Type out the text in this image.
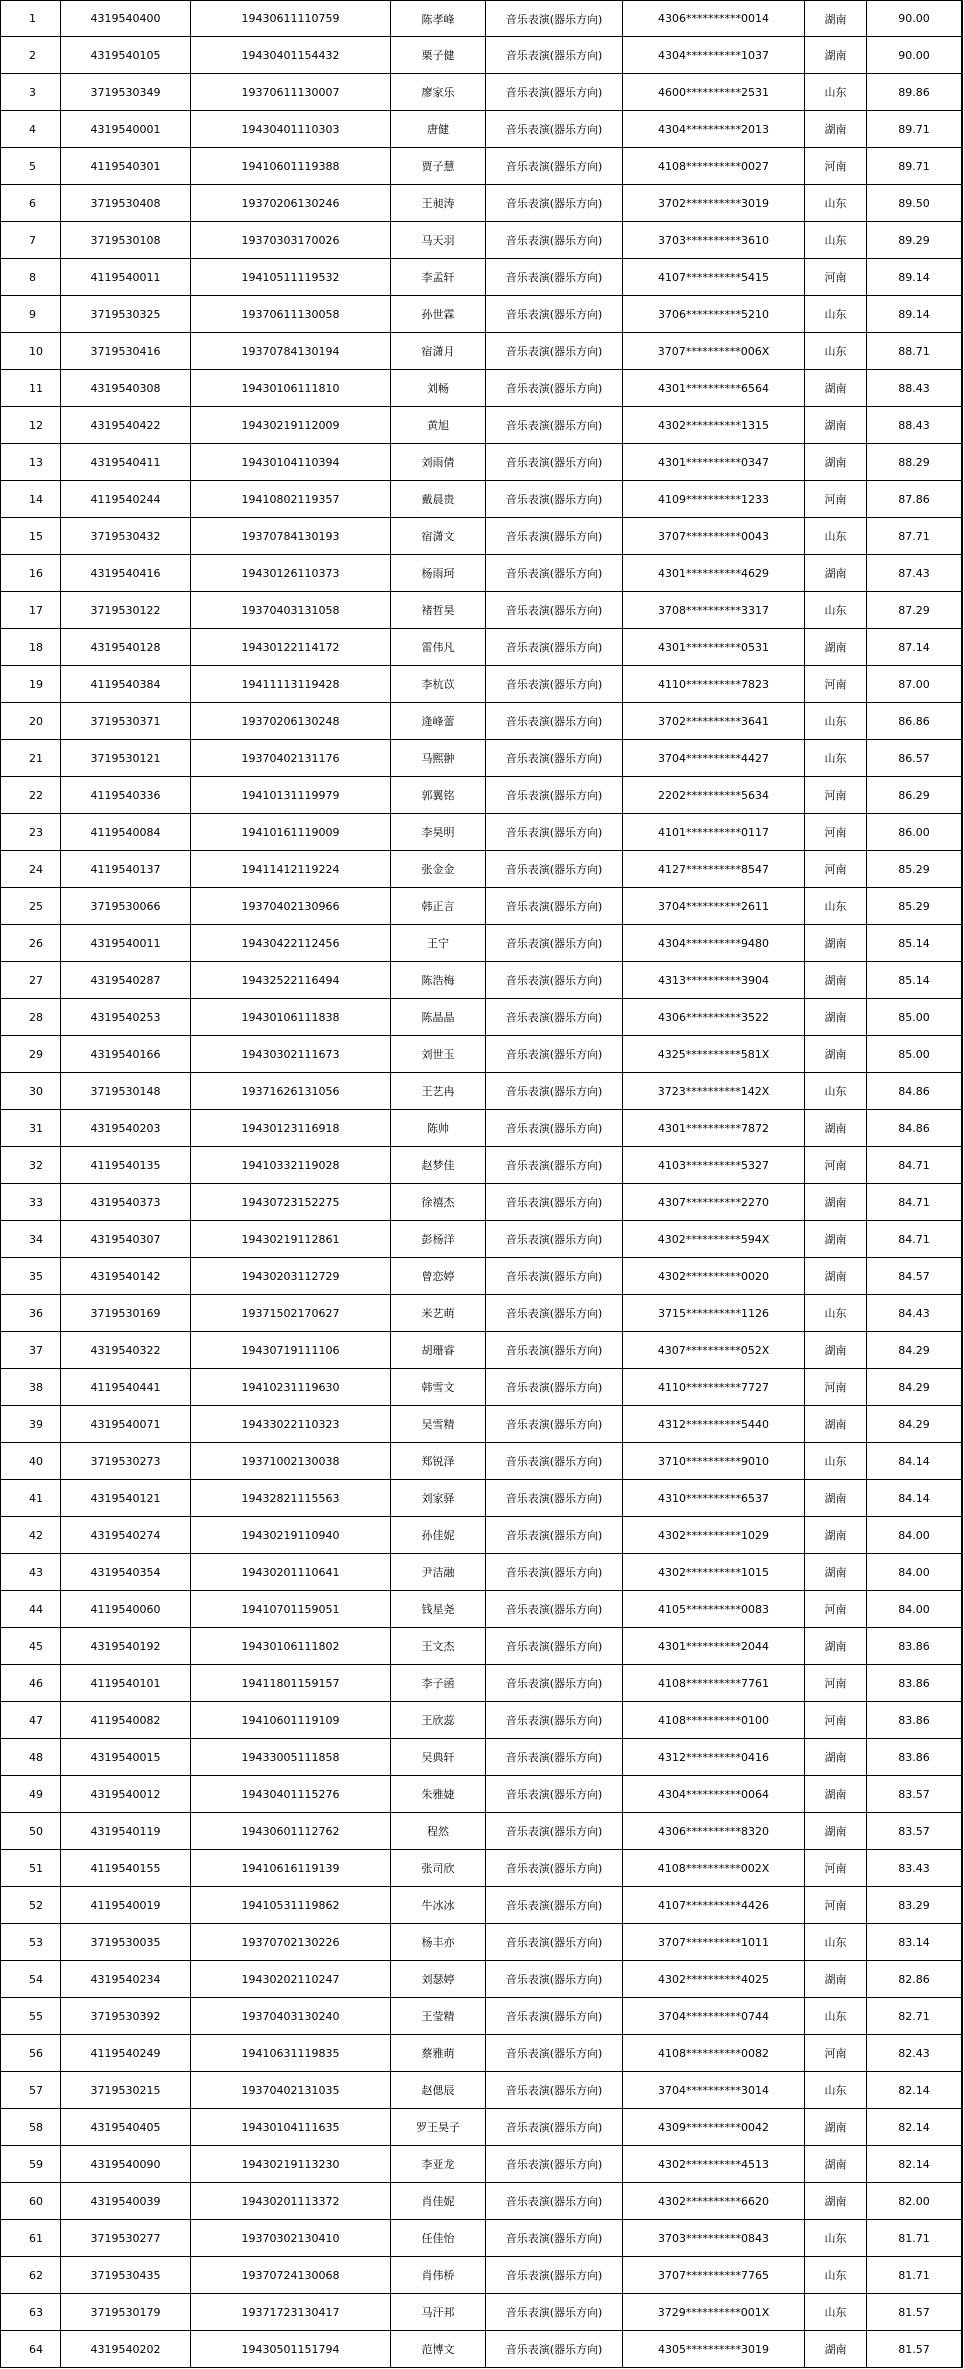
1	4319540400	19430611110759	陈孝峰	音乐表演(器乐方向)	4306**********0014	湖南	90.00	
2	4319540105	19430401154432	栗子健	音乐表演(器乐方向)	4304**********1037	湖南	90.00	
3	3719530349	19370611130007	廖家乐	音乐表演(器乐方向)	4600**********2531	山东	89.86	
4	4319540001	19430401110303	唐健	音乐表演(器乐方向)	4304**********2013	湖南	89.71	
5	4119540301	19410601119388	贾子慧	音乐表演(器乐方向)	4108**********0027	河南	89.71	
6	3719530408	19370206130246	王昶涛	音乐表演(器乐方向)	3702**********3019	山东	89.50	
7	3719530108	19370303170026	马天羽	音乐表演(器乐方向)	3703**********3610	山东	89.29	
8	4119540011	19410511119532	李孟轩	音乐表演(器乐方向)	4107**********5415	河南	89.14	
9	3719530325	19370611130058	孙世霖	音乐表演(器乐方向)	3706**********5210	山东	89.14	
10	3719530416	19370784130194	宿潇月	音乐表演(器乐方向)	3707**********006X	山东	88.71	
11	4319540308	19430106111810	刘畅	音乐表演(器乐方向)	4301**********6564	湖南	88.43	
12	4319540422	19430219112009	黄旭	音乐表演(器乐方向)	4302**********1315	湖南	88.43	
13	4319540411	19430104110394	刘雨倩	音乐表演(器乐方向)	4301**********0347	湖南	88.29	
14	4119540244	19410802119357	戴晨贵	音乐表演(器乐方向)	4109**********1233	河南	87.86	
15	3719530432	19370784130193	宿潇文	音乐表演(器乐方向)	3707**********0043	山东	87.71	
16	4319540416	19430126110373	杨雨珂	音乐表演(器乐方向)	4301**********4629	湖南	87.43	
17	3719530122	19370403131058	褚哲昊	音乐表演(器乐方向)	3708**********3317	山东	87.29	
18	4319540128	19430122114172	雷伟凡	音乐表演(器乐方向)	4301**********0531	湖南	87.14	
19	4119540384	19411113119428	李杭苡	音乐表演(器乐方向)	4110**********7823	河南	87.00	
20	3719530371	19370206130248	逄峰蕾	音乐表演(器乐方向)	3702**********3641	山东	86.86	
21	3719530121	19370402131176	马熙翀	音乐表演(器乐方向)	3704**********4427	山东	86.57	
22	4119540336	19410131119979	郭翼铭	音乐表演(器乐方向)	2202**********5634	河南	86.29	
23	4119540084	19410161119009	李昊明	音乐表演(器乐方向)	4101**********0117	河南	86.00	
24	4119540137	19411412119224	张金金	音乐表演(器乐方向)	4127**********8547	河南	85.29	
25	3719530066	19370402130966	韩正言	音乐表演(器乐方向)	3704**********2611	山东	85.29	
26	4319540011	19430422112456	王宁	音乐表演(器乐方向)	4304**********9480	湖南	85.14	
27	4319540287	19432522116494	陈浩梅	音乐表演(器乐方向)	4313**********3904	湖南	85.14	
28	4319540253	19430106111838	陈晶晶	音乐表演(器乐方向)	4306**********3522	湖南	85.00	
29	4319540166	19430302111673	刘世玉	音乐表演(器乐方向)	4325**********581X	湖南	85.00	
30	3719530148	19371626131056	王艺冉	音乐表演(器乐方向)	3723**********142X	山东	84.86	
31	4319540203	19430123116918	陈帅	音乐表演(器乐方向)	4301**********7872	湖南	84.86	
32	4119540135	19410332119028	赵梦佳	音乐表演(器乐方向)	4103**********5327	河南	84.71	
33	4319540373	19430723152275	徐禧杰	音乐表演(器乐方向)	4307**********2270	湖南	84.71	
34	4319540307	19430219112861	彭杨洋	音乐表演(器乐方向)	4302**********594X	湖南	84.71	
35	4319540142	19430203112729	曾恋婷	音乐表演(器乐方向)	4302**********0020	湖南	84.57	
36	3719530169	19371502170627	米艺萌	音乐表演(器乐方向)	3715**********1126	山东	84.43	
37	4319540322	19430719111106	胡珊睿	音乐表演(器乐方向)	4307**********052X	湖南	84.29	
38	4119540441	19410231119630	韩雪文	音乐表演(器乐方向)	4110**********7727	河南	84.29	
39	4319540071	19433022110323	吴雪精	音乐表演(器乐方向)	4312**********5440	湖南	84.29	
40	3719530273	19371002130038	郑锐泽	音乐表演(器乐方向)	3710**********9010	山东	84.14	
41	4319540121	19432821115563	刘家驿	音乐表演(器乐方向)	4310**********6537	湖南	84.14	
42	4319540274	19430219110940	孙佳妮	音乐表演(器乐方向)	4302**********1029	湖南	84.00	
43	4319540354	19430201110641	尹洁融	音乐表演(器乐方向)	4302**********1015	湖南	84.00	
44	4119540060	19410701159051	钱星尧	音乐表演(器乐方向)	4105**********0083	河南	84.00	
45	4319540192	19430106111802	王文杰	音乐表演(器乐方向)	4301**********2044	湖南	83.86	
46	4119540101	19411801159157	李子函	音乐表演(器乐方向)	4108**********7761	河南	83.86	
47	4119540082	19410601119109	王欣蕊	音乐表演(器乐方向)	4108**********0100	河南	83.86	
48	4319540015	19433005111858	吴典轩	音乐表演(器乐方向)	4312**********0416	湖南	83.86	
49	4319540012	19430401115276	朱雅婕	音乐表演(器乐方向)	4304**********0064	湖南	83.57	
50	4319540119	19430601112762	程然	音乐表演(器乐方向)	4306**********8320	湖南	83.57	
51	4119540155	19410616119139	张司欣	音乐表演(器乐方向)	4108**********002X	河南	83.43	
52	4119540019	19410531119862	牛冰冰	音乐表演(器乐方向)	4107**********4426	河南	83.29	
53	3719530035	19370702130226	杨丰亦	音乐表演(器乐方向)	3707**********1011	山东	83.14	
54	4319540234	19430202110247	刘瑟婷	音乐表演(器乐方向)	4302**********4025	湖南	82.86	
55	3719530392	19370403130240	王莹精	音乐表演(器乐方向)	3704**********0744	山东	82.71	
56	4119540249	19410631119835	蔡雅萌	音乐表演(器乐方向)	4108**********0082	河南	82.43	
57	3719530215	19370402131035	赵偲辰	音乐表演(器乐方向)	3704**********3014	山东	82.14	
58	4319540405	19430104111635	罗王昊子	音乐表演(器乐方向)	4309**********0042	湖南	82.14	
59	4319540090	19430219113230	李亚龙	音乐表演(器乐方向)	4302**********4513	湖南	82.14	
60	4319540039	19430201113372	肖佳妮	音乐表演(器乐方向)	4302**********6620	湖南	82.00	
61	3719530277	19370302130410	任佳怡	音乐表演(器乐方向)	3703**********0843	山东	81.71	
62	3719530435	19370724130068	肖伟桥	音乐表演(器乐方向)	3707**********7765	山东	81.71	
63	3719530179	19371723130417	马汗邦	音乐表演(器乐方向)	3729**********001X	山东	81.57	
64	4319540202	19430501151794	范博文	音乐表演(器乐方向)	4305**********3019	湖南	81.57	
